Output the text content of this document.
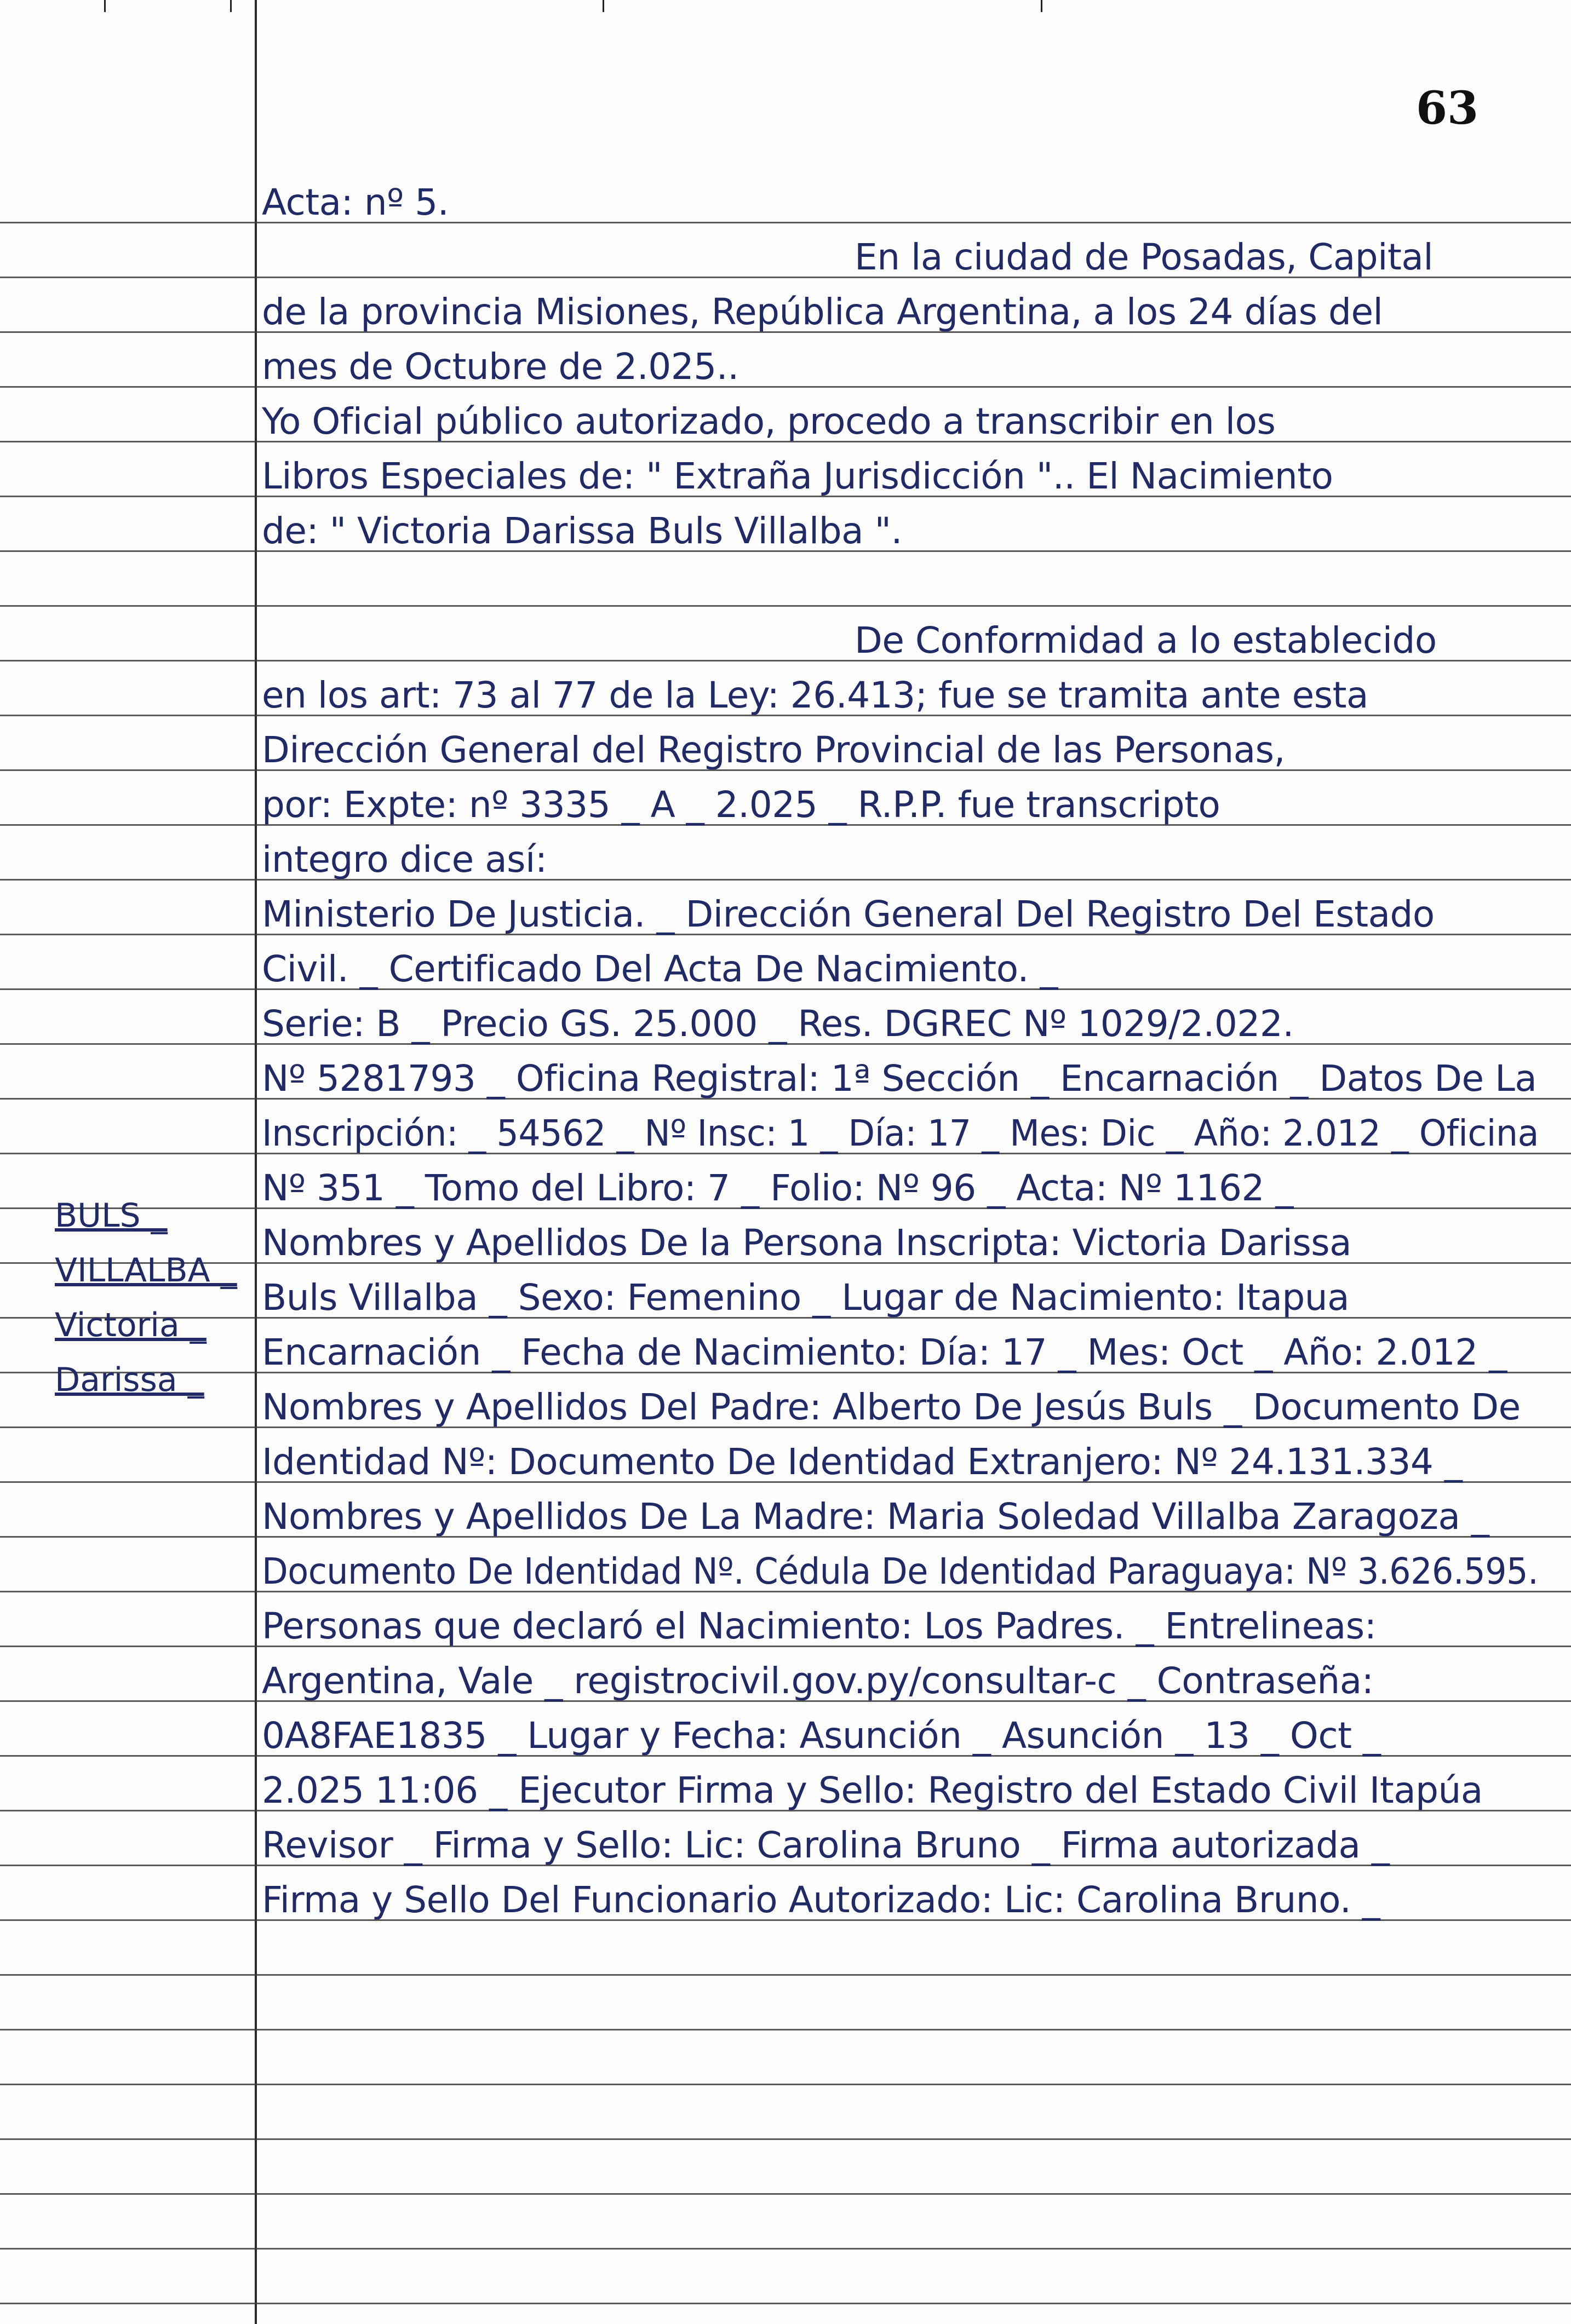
63
Acta: nº 5.
En la ciudad de Posadas, Capital
de la provincia Misiones, República Argentina, a los 24 días del
mes de Octubre de 2.025..
Yo Oficial público autorizado, procedo a transcribir en los
Libros Especiales de: " Extraña Jurisdicción ".. El Nacimiento
de: " Victoria Darissa Buls Villalba ".
De Conformidad a lo establecido
en los art: 73 al 77 de la Ley: 26.413; fue se tramita ante esta
Dirección General del Registro Provincial de las Personas,
por: Expte: nº 3335 _ A _ 2.025 _ R.P.P. fue transcripto
integro dice así:
Ministerio De Justicia. _ Dirección General Del Registro Del Estado
Civil. _ Certificado Del Acta De Nacimiento. _
Serie: B _ Precio GS. 25.000 _ Res. DGREC Nº 1029/2.022.
Nº 5281793 _ Oficina Registral: 1ª Sección _ Encarnación _ Datos De La
Inscripción: _ 54562 _ Nº Insc: 1 _ Día: 17 _ Mes: Dic _ Año: 2.012 _ Oficina
Nº 351 _ Tomo del Libro: 7 _ Folio: Nº 96 _ Acta: Nº 1162 _
Nombres y Apellidos De la Persona Inscripta: Victoria Darissa
Buls Villalba _ Sexo: Femenino _ Lugar de Nacimiento: Itapua
Encarnación _ Fecha de Nacimiento: Día: 17 _ Mes: Oct _ Año: 2.012 _
Nombres y Apellidos Del Padre: Alberto De Jesús Buls _ Documento De
Identidad Nº: Documento De Identidad Extranjero: Nº 24.131.334 _
Nombres y Apellidos De La Madre: Maria Soledad Villalba Zaragoza _
Documento De Identidad Nº. Cédula De Identidad Paraguaya: Nº 3.626.595.
Personas que declaró el Nacimiento: Los Padres. _ Entrelineas:
Argentina, Vale _ registrocivil.gov.py/consultar-c _ Contraseña:
0A8FAE1835 _ Lugar y Fecha: Asunción _ Asunción _ 13 _ Oct _
2.025 11:06 _ Ejecutor Firma y Sello: Registro del Estado Civil Itapúa
Revisor _ Firma y Sello: Lic: Carolina Bruno _ Firma autorizada _
Firma y Sello Del Funcionario Autorizado: Lic: Carolina Bruno. _
BULS _
VILLALBA _
Victoria _
Darissa _
